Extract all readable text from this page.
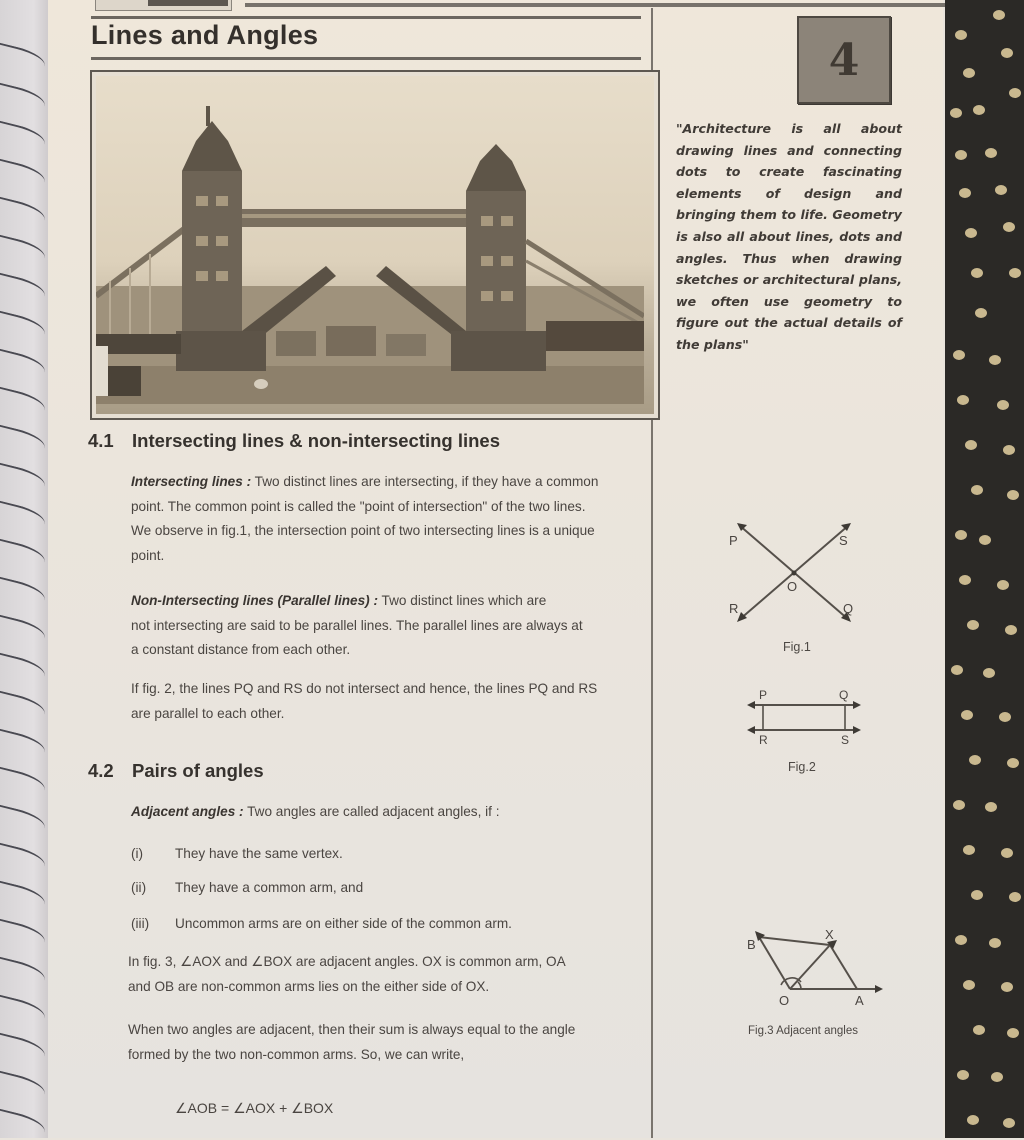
Lines and Angles	4
"Architecture is all about drawing lines and connecting dots to create fascinating elements of design and bringing them to life. Geometry is also all about lines, dots and angles. Thus when drawing sketches or architectural plans, we often use geometry to figure out the actual details of the plans"
4.1 Intersecting lines & non-intersecting lines
Intersecting lines : Two distinct lines are intersecting, if they have a common
point. The common point is called the "point of intersection" of the two lines.
We observe in fig.1, the intersection point of two intersecting lines is a unique
point.
Non-Intersecting lines (Parallel lines) : Two distinct lines which are
not intersecting are said to be parallel lines. The parallel lines are always at
a constant distance from each other.
If fig. 2, the lines PQ and RS do not intersect and hence, the lines PQ and RS
are parallel to each other.
4.2 Pairs of angles
Adjacent angles : Two angles are called adjacent angles, if :
(i) They have the same vertex.
(ii) They have a common arm, and
(iii) Uncommon arms are on either side of the common arm.
In fig. 3, ∠AOX and ∠BOX are adjacent angles. OX is common arm, OA
and OB are non-common arms lies on the either side of OX.
When two angles are adjacent, then their sum is always equal to the angle
formed by the two non-common arms. So, we can write,
∠AOB = ∠AOX + ∠BOX
P	S
R	Q
O
Fig.1
P	Q
R	S
Fig.2
B
X
O	A
Fig.3 Adjacent angles
